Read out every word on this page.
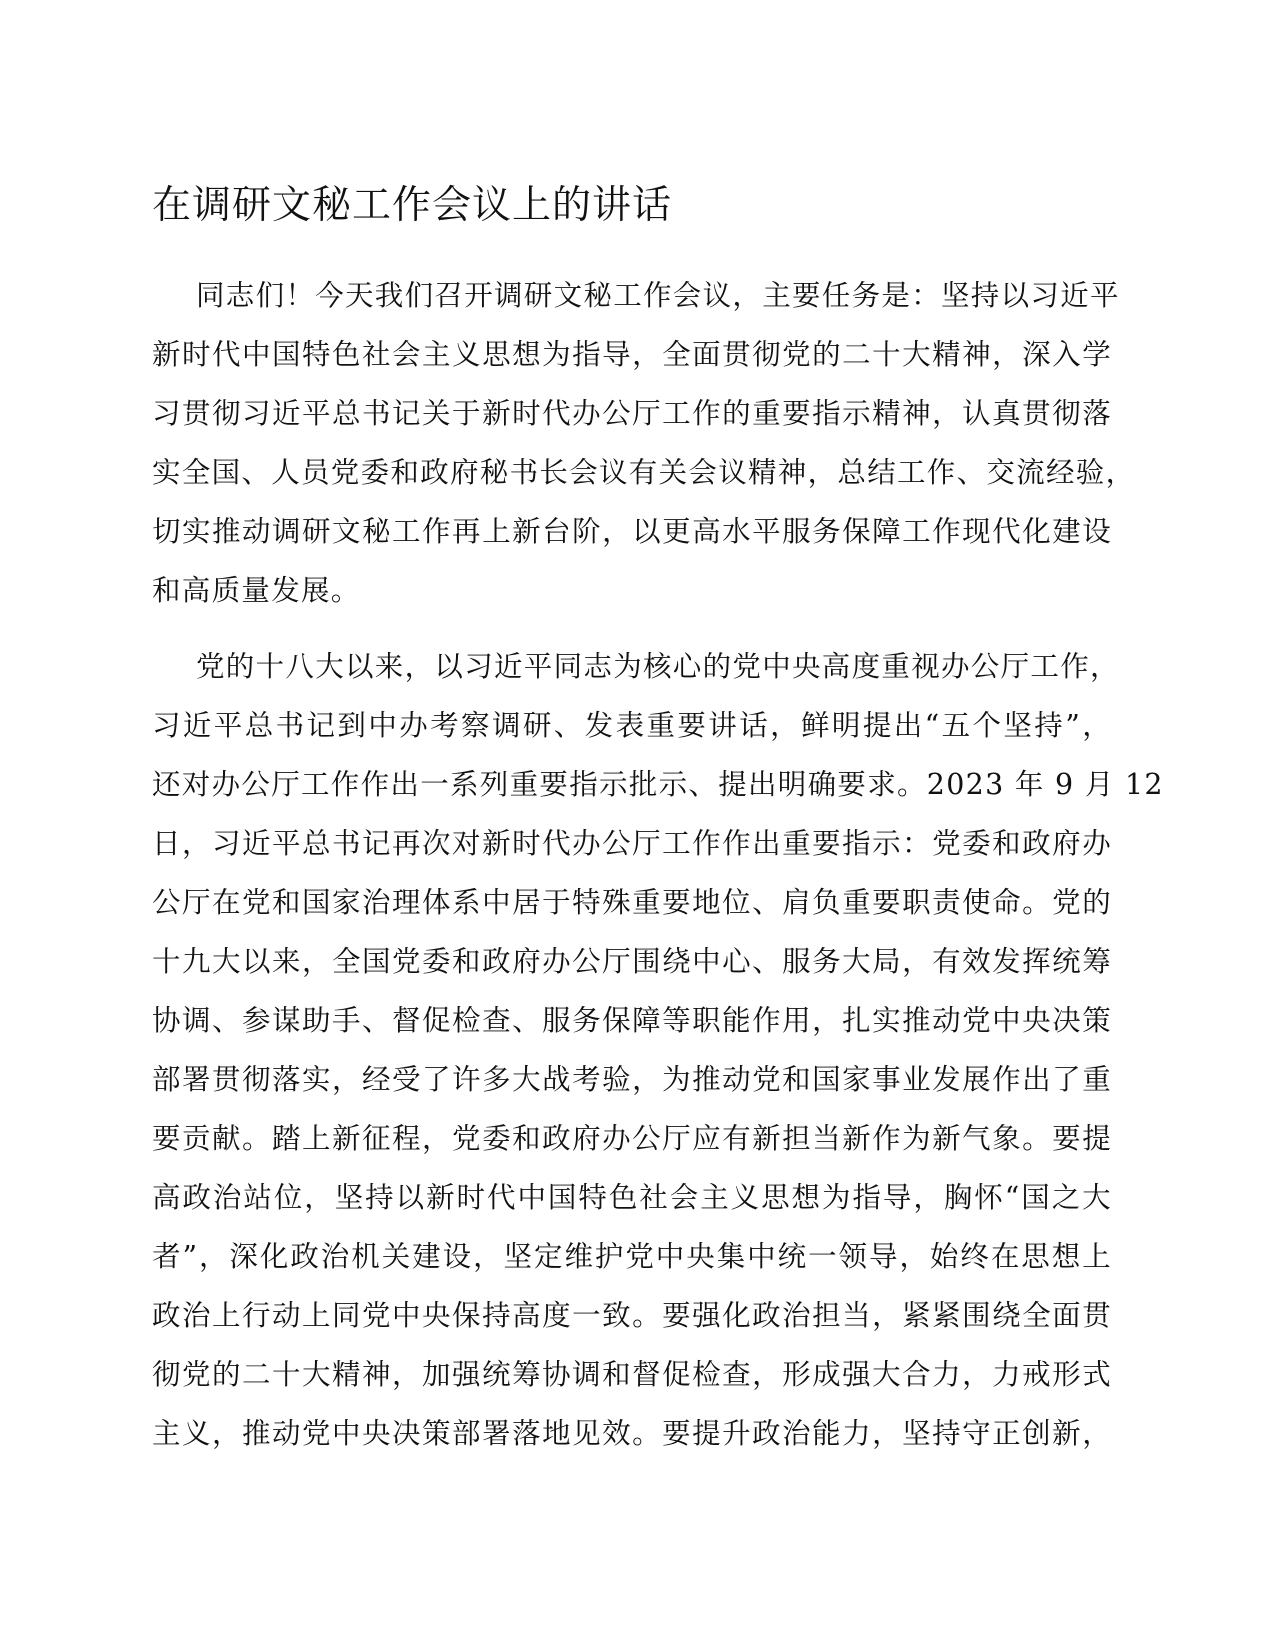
在调研文秘工作会议上的讲话
同志们！今天我们召开调研文秘工作会议，主要任务是：坚持以习近平
新时代中国特色社会主义思想为指导，全面贯彻党的二十大精神，深入学
习贯彻习近平总书记关于新时代办公厅工作的重要指示精神，认真贯彻落
实全国、人员党委和政府秘书长会议有关会议精神，总结工作、交流经验，
切实推动调研文秘工作再上新台阶，以更高水平服务保障工作现代化建设
和高质量发展。
党的十八大以来，以习近平同志为核心的党中央高度重视办公厅工作，
习近平总书记到中办考察调研、发表重要讲话，鲜明提出“五个坚持”，
还对办公厅工作作出一系列重要指示批示、提出明确要求。2023 年 9 月 12
日，习近平总书记再次对新时代办公厅工作作出重要指示：党委和政府办
公厅在党和国家治理体系中居于特殊重要地位、肩负重要职责使命。党的
十九大以来，全国党委和政府办公厅围绕中心、服务大局，有效发挥统筹
协调、参谋助手、督促检查、服务保障等职能作用，扎实推动党中央决策
部署贯彻落实，经受了许多大战考验，为推动党和国家事业发展作出了重
要贡献。踏上新征程，党委和政府办公厅应有新担当新作为新气象。要提
高政治站位，坚持以新时代中国特色社会主义思想为指导，胸怀“国之大
者”，深化政治机关建设，坚定维护党中央集中统一领导，始终在思想上
政治上行动上同党中央保持高度一致。要强化政治担当，紧紧围绕全面贯
彻党的二十大精神，加强统筹协调和督促检查，形成强大合力，力戒形式
主义，推动党中央决策部署落地见效。要提升政治能力，坚持守正创新，
